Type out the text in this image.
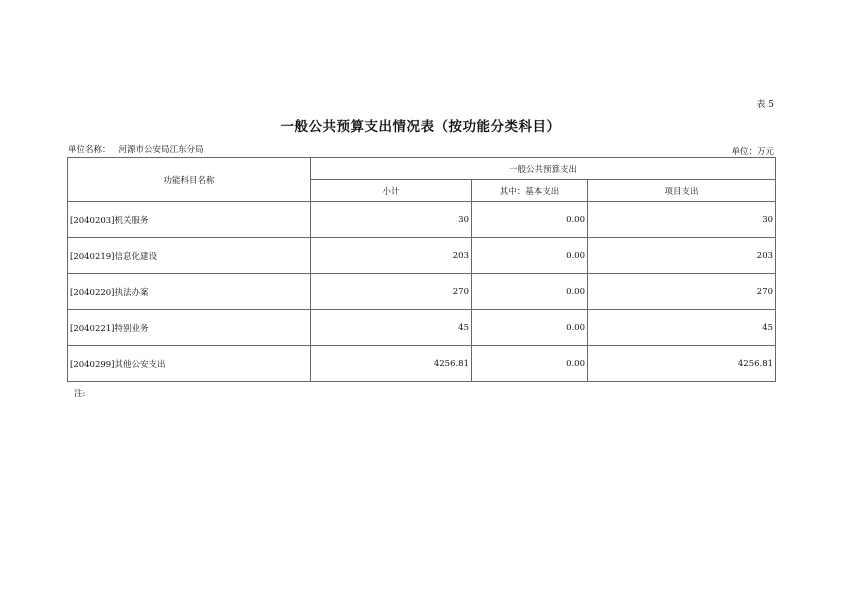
表 5
一般公共预算支出情况表（按功能分类科目）
单位名称： 河源市公安局江东分局	单位：万元
功能科目名称	一般公共预算支出		
	小计	其中：基本支出	项目支出
[2040203]机关服务	30	0.00	30
[2040219]信息化建设	203	0.00	203
[2040220]执法办案	270	0.00	270
[2040221]特别业务	45	0.00	45
[2040299]其他公安支出	4256.81	0.00	4256.81
注:
